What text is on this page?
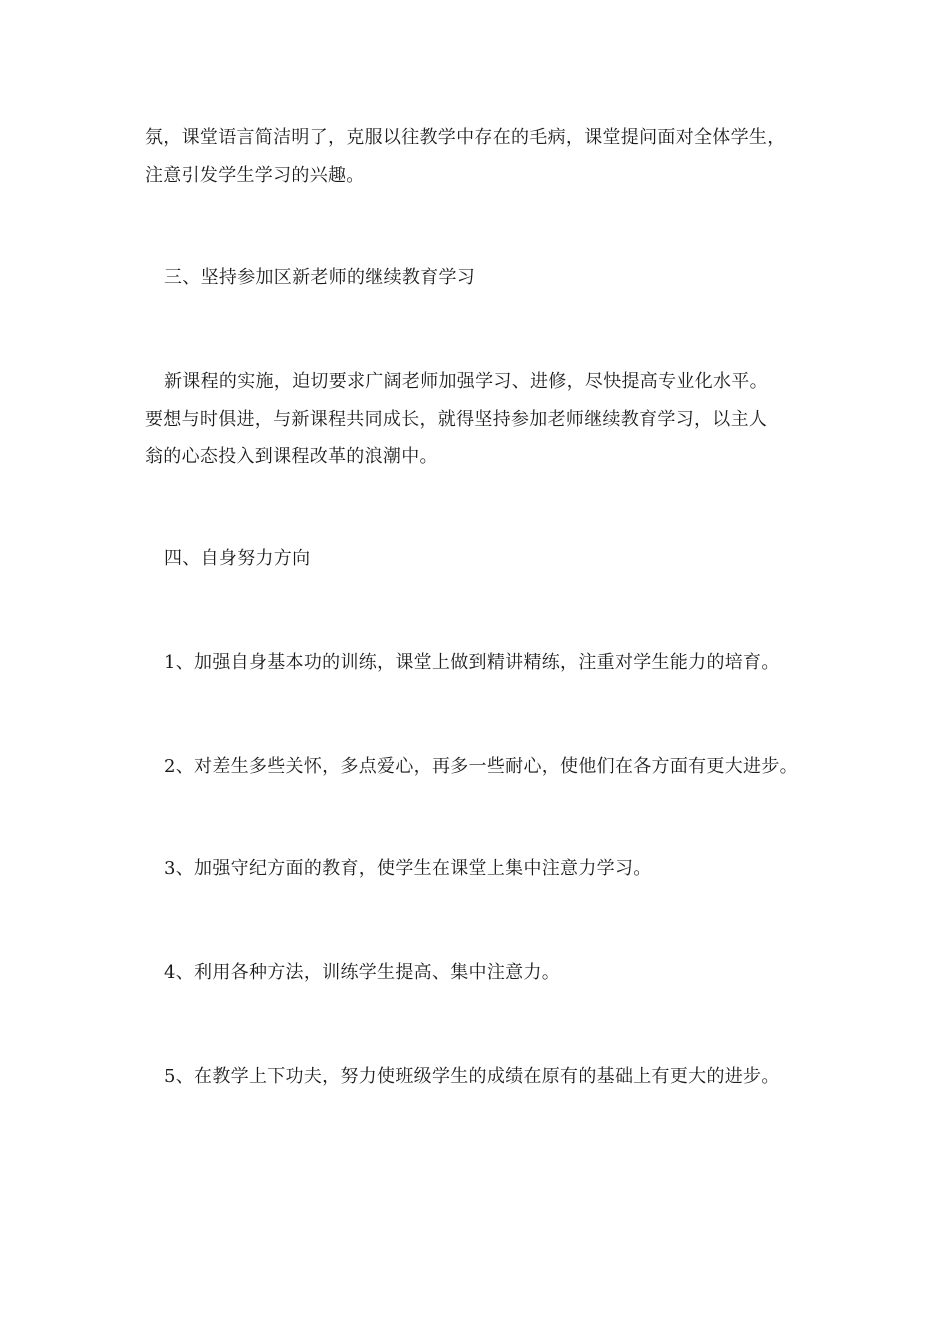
氛，课堂语言简洁明了，克服以往教学中存在的毛病，课堂提问面对全体学生，
注意引发学生学习的兴趣。
三、坚持参加区新老师的继续教育学习
新课程的实施，迫切要求广阔老师加强学习、进修，尽快提高专业化水平。
要想与时俱进，与新课程共同成长，就得坚持参加老师继续教育学习，以主人
翁的心态投入到课程改革的浪潮中。
四、自身努力方向
1、加强自身基本功的训练，课堂上做到精讲精练，注重对学生能力的培育。
2、对差生多些关怀，多点爱心，再多一些耐心，使他们在各方面有更大进步。
3、加强守纪方面的教育，使学生在课堂上集中注意力学习。
4、利用各种方法，训练学生提高、集中注意力。
5、在教学上下功夫，努力使班级学生的成绩在原有的基础上有更大的进步。
